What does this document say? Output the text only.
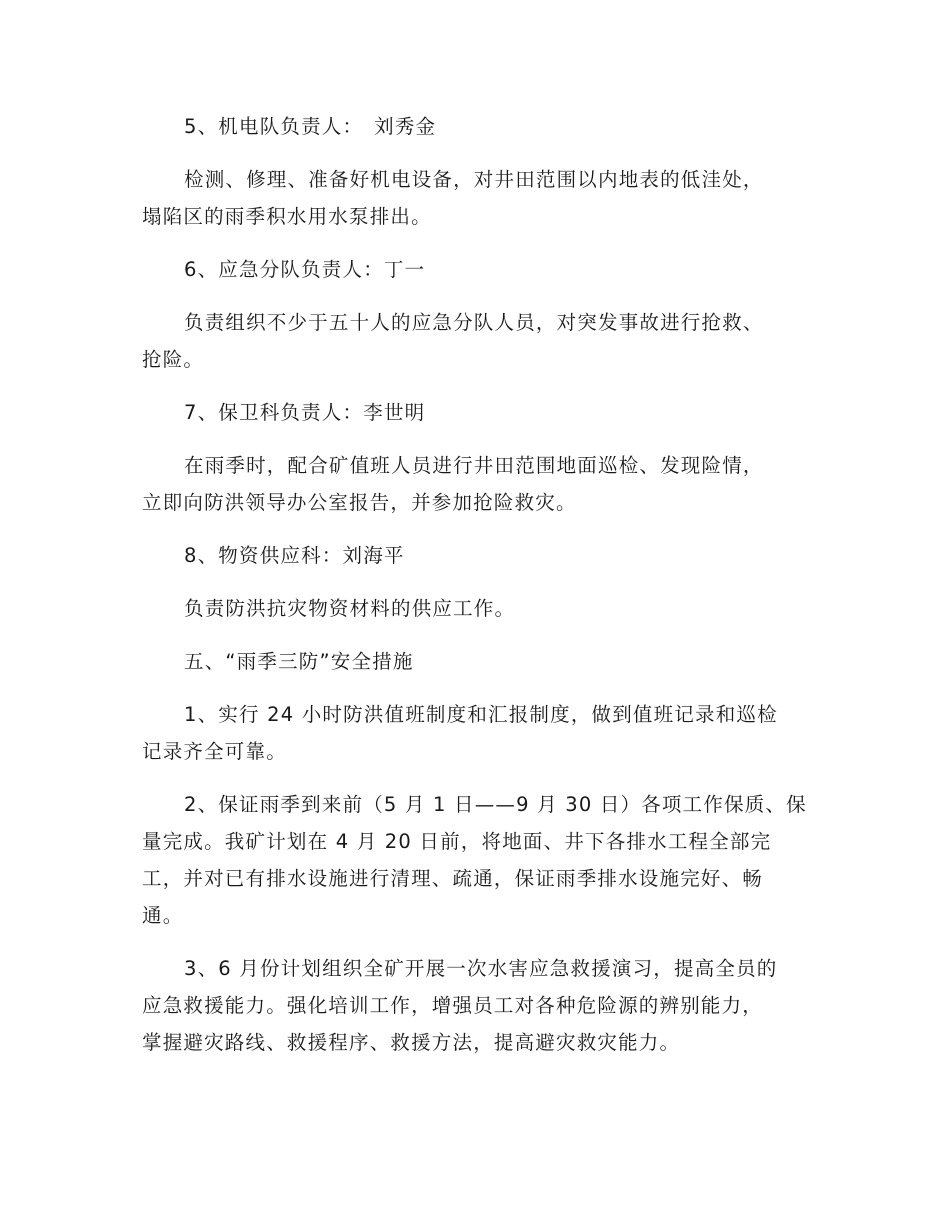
5、机电队负责人：　刘秀金
检测、修理、准备好机电设备，对井田范围以内地表的低洼处，
塌陷区的雨季积水用水泵排出。
6、应急分队负责人：丁一
负责组织不少于五十人的应急分队人员，对突发事故进行抢救、
抢险。
7、保卫科负责人：李世明
在雨季时，配合矿值班人员进行井田范围地面巡检、发现险情，
立即向防洪领导办公室报告，并参加抢险救灾。
8、物资供应科：刘海平
负责防洪抗灾物资材料的供应工作。
五、“雨季三防”安全措施
1、实行 24 小时防洪值班制度和汇报制度，做到值班记录和巡检
记录齐全可靠。
2、保证雨季到来前（5 月 1 日——9 月 30 日）各项工作保质、保
量完成。我矿计划在 4 月 20 日前，将地面、井下各排水工程全部完
工，并对已有排水设施进行清理、疏通，保证雨季排水设施完好、畅
通。
3、6 月份计划组织全矿开展一次水害应急救援演习，提高全员的
应急救援能力。强化培训工作，增强员工对各种危险源的辨别能力，
掌握避灾路线、救援程序、救援方法，提高避灾救灾能力。
